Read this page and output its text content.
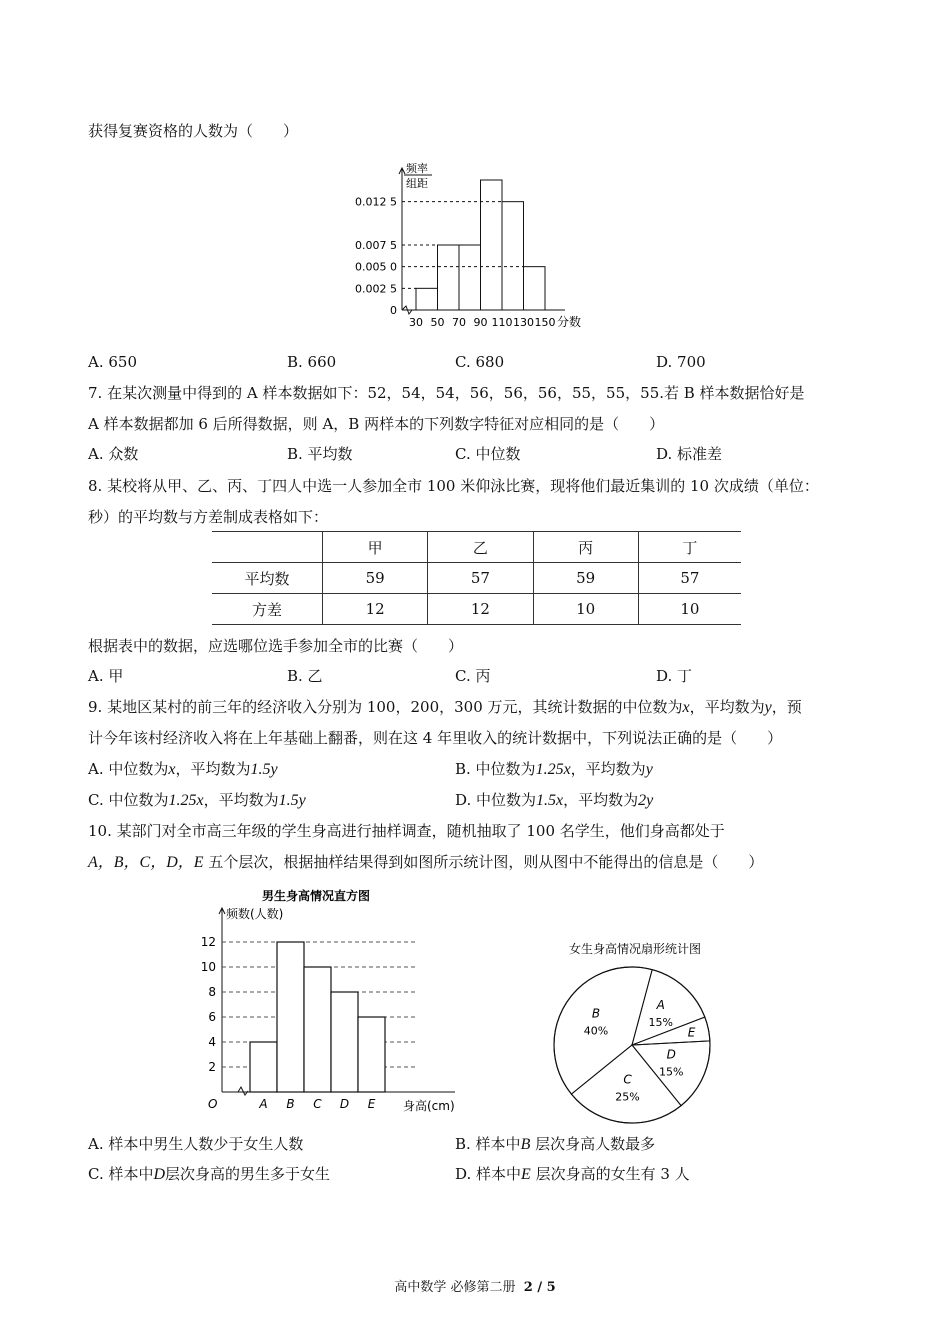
获得复赛资格的人数为（　　）
频率
组距
0
0.002 5
0.005 0
0.007 5
0.012 5
30 50 70 90 110 130 150 分数
A. 650	B. 660	C. 680	D. 700
7. 在某次测量中得到的 A 样本数据如下：52，54，54，56，56，56，55，55，55.若 B 样本数据恰好是
A 样本数据都加 6 后所得数据，则 A，B 两样本的下列数字特征对应相同的是（　　）
A. 众数	B. 平均数	C. 中位数	D. 标准差
8. 某校将从甲、乙、丙、丁四人中选一人参加全市 100 米仰泳比赛，现将他们最近集训的 10 次成绩（单位：
秒）的平均数与方差制成表格如下：
	甲	乙	丙	丁
平均数	59	57	59	57
方差	12	12	10	10
根据表中的数据，应选哪位选手参加全市的比赛（　　）
A. 甲	B. 乙	C. 丙	D. 丁
9. 某地区某村的前三年的经济收入分别为 100，200，300 万元，其统计数据的中位数为x，平均数为y，预
计今年该村经济收入将在上年基础上翻番，则在这 4 年里收入的统计数据中，下列说法正确的是（　　）
A. 中位数为x，平均数为1.5y	B. 中位数为1.25x，平均数为y
C. 中位数为1.25x，平均数为1.5y	D. 中位数为1.5x，平均数为2y
10. 某部门对全市高三年级的学生身高进行抽样调查，随机抽取了 100 名学生，他们身高都处于
A，B，C，D，E 五个层次，根据抽样结果得到如图所示统计图，则从图中不能得出的信息是（　　）
男生身高情况直方图
频数(人数)
O
2
4
6
8
10
12
A B C D E 身高(cm)
女生身高情况扇形统计图
A
15%
E
D
15%
C
25%
B
40%
A. 样本中男生人数少于女生人数	B. 样本中B 层次身高人数最多
C. 样本中D层次身高的男生多于女生	D. 样本中E 层次身高的女生有 3 人
高中数学 必修第二册 2 / 5
